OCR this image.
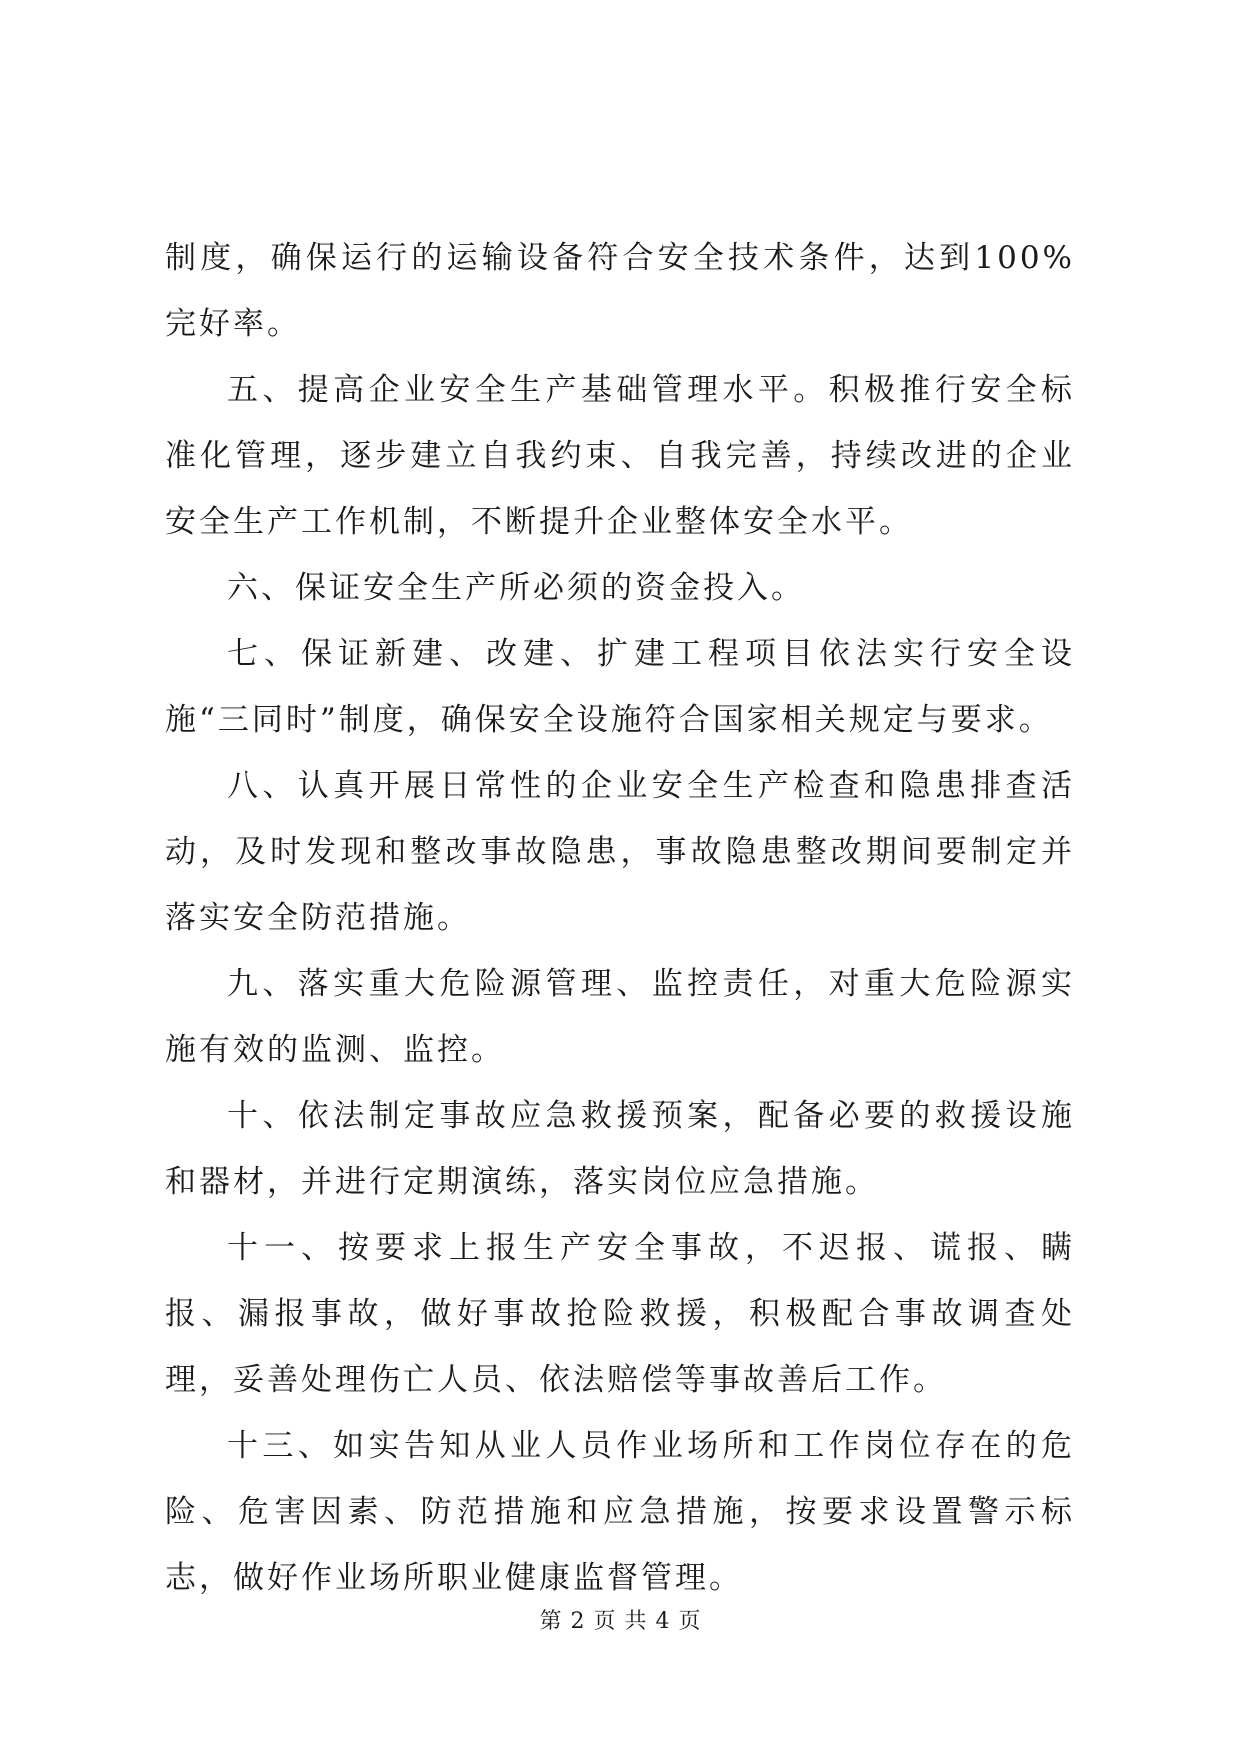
制度，确保运行的运输设备符合安全技术条件，达到100%完好率。

五、提高企业安全生产基础管理水平。积极推行安全标准化管理，逐步建立自我约束、自我完善，持续改进的企业安全生产工作机制，不断提升企业整体安全水平。

六、保证安全生产所必须的资金投入。

七、保证新建、改建、扩建工程项目依法实行安全设施“三同时”制度，确保安全设施符合国家相关规定与要求。

八、认真开展日常性的企业安全生产检查和隐患排查活动，及时发现和整改事故隐患，事故隐患整改期间要制定并落实安全防范措施。

九、落实重大危险源管理、监控责任，对重大危险源实施有效的监测、监控。

十、依法制定事故应急救援预案，配备必要的救援设施和器材，并进行定期演练，落实岗位应急措施。

十一、按要求上报生产安全事故，不迟报、谎报、瞒报、漏报事故，做好事故抢险救援，积极配合事故调查处理，妥善处理伤亡人员、依法赔偿等事故善后工作。

十三、如实告知从业人员作业场所和工作岗位存在的危险、危害因素、防范措施和应急措施，按要求设置警示标志，做好作业场所职业健康监督管理。

第 2 页 共 4 页
